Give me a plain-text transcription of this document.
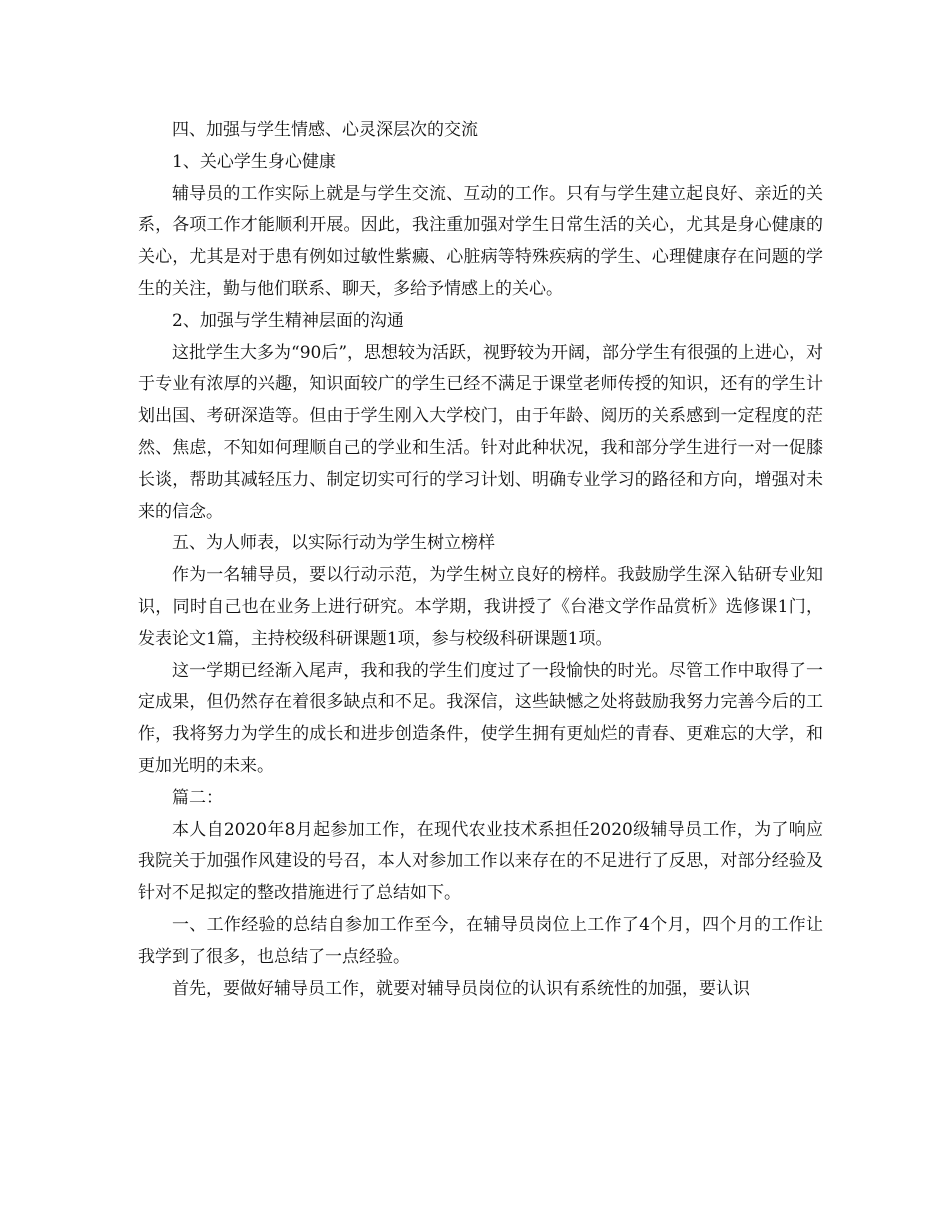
四、加强与学生情感、心灵深层次的交流

1、关心学生身心健康

辅导员的工作实际上就是与学生交流、互动的工作。只有与学生建立起良好、亲近的关系，各项工作才能顺利开展。因此，我注重加强对学生日常生活的关心，尤其是身心健康的关心，尤其是对于患有例如过敏性紫癜、心脏病等特殊疾病的学生、心理健康存在问题的学生的关注，勤与他们联系、聊天，多给予情感上的关心。

2、加强与学生精神层面的沟通

这批学生大多为“90后”，思想较为活跃，视野较为开阔，部分学生有很强的上进心，对于专业有浓厚的兴趣，知识面较广的学生已经不满足于课堂老师传授的知识，还有的学生计划出国、考研深造等。但由于学生刚入大学校门，由于年龄、阅历的关系感到一定程度的茫然、焦虑，不知如何理顺自己的学业和生活。针对此种状况，我和部分学生进行一对一促膝长谈，帮助其减轻压力、制定切实可行的学习计划、明确专业学习的路径和方向，增强对未来的信念。

五、为人师表，以实际行动为学生树立榜样

作为一名辅导员，要以行动示范，为学生树立良好的榜样。我鼓励学生深入钻研专业知识，同时自己也在业务上进行研究。本学期，我讲授了《台港文学作品赏析》选修课1门，发表论文1篇，主持校级科研课题1项，参与校级科研课题1项。

这一学期已经渐入尾声，我和我的学生们度过了一段愉快的时光。尽管工作中取得了一定成果，但仍然存在着很多缺点和不足。我深信，这些缺憾之处将鼓励我努力完善今后的工作，我将努力为学生的成长和进步创造条件，使学生拥有更灿烂的青春、更难忘的大学，和更加光明的未来。

篇二：

本人自2020年8月起参加工作，在现代农业技术系担任2020级辅导员工作，为了响应我院关于加强作风建设的号召，本人对参加工作以来存在的不足进行了反思，对部分经验及针对不足拟定的整改措施进行了总结如下。

一、工作经验的总结自参加工作至今，在辅导员岗位上工作了4个月，四个月的工作让我学到了很多，也总结了一点经验。

首先，要做好辅导员工作，就要对辅导员岗位的认识有系统性的加强，要认识
